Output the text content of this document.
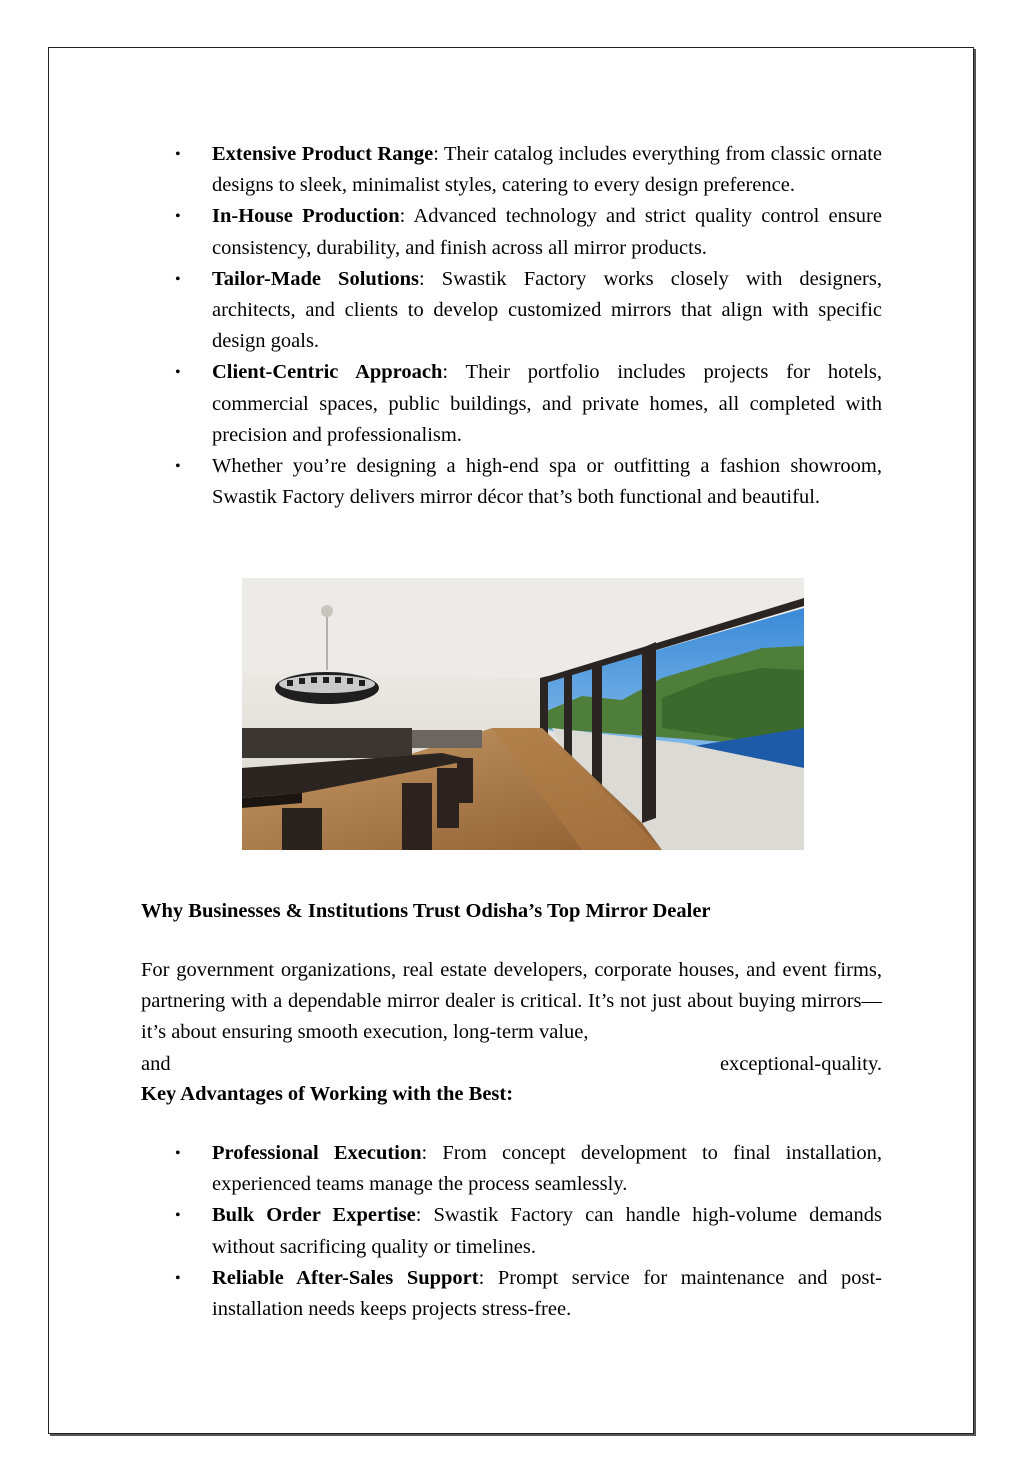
• Extensive Product Range: Their catalog includes everything from classic ornate designs to sleek, minimalist styles, catering to every design preference.
• In-House Production: Advanced technology and strict quality control ensure consistency, durability, and finish across all mirror products.
• Tailor-Made Solutions: Swastik Factory works closely with designers, architects, and clients to develop customized mirrors that align with specific design goals.
• Client-Centric Approach: Their portfolio includes projects for hotels, commercial spaces, public buildings, and private homes, all completed with precision and professionalism.
• Whether you’re designing a high-end spa or outfitting a fashion showroom, Swastik Factory delivers mirror décor that’s both functional and beautiful.
Why Businesses & Institutions Trust Odisha’s Top Mirror Dealer
For government organizations, real estate developers, corporate houses, and event firms, partnering with a dependable mirror dealer is critical. It’s not just about buying mirrors—it’s about ensuring smooth execution, long-term value,
and	exceptional-quality.
Key Advantages of Working with the Best:
• Professional Execution: From concept development to final installation, experienced teams manage the process seamlessly.
• Bulk Order Expertise: Swastik Factory can handle high-volume demands without sacrificing quality or timelines.
• Reliable After-Sales Support: Prompt service for maintenance and post-installation needs keeps projects stress-free.
